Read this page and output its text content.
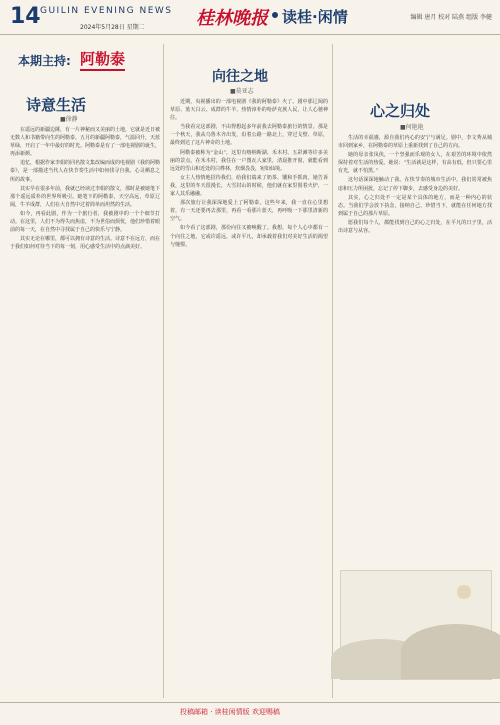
14 GUILIN EVENING NEWS
2024年5月28日 星期二	桂林晚报 读桂·闲情	编辑 唐月 校对 陆燕 组版 李健
本期主持: 阿勒泰
诗意生活
■徐静

在遥远的新疆边陲，有一片神秘而又美丽的土地，它就是近日被无数人和书籍带向生的阿勒泰。五月的新疆阿勒泰，气温回升，天蓝草绿，开启了一年中最好的时光。阿勒泰是有了一部电视剧的诞生，再添新颜。

追忆，根据作家李娟的同名散文集改编而成的电视剧《我的阿勒泰》，是一部描述当代人在快节奏生活中如何找寻自我、心灵栖息之所的故事。

其实早在很多年前，我就已经读过李娟的散文，那时是被她笔下那个遥远质朴的世界所吸引。她笔下的阿勒泰，天空高远，草原辽阔，牛羊成群，人们在大自然中过着简单而坦然的生活。

如今，再看此剧，作为一个旅行者，我被剧中的一个个细节打动。在这里，人们不为得失而焦虑，不为世俗而烦忧，他们珍惜着眼前的每一天，在自然中寻找属于自己的快乐与宁静。

其实无论在哪里，都可以拥有诗意的生活。诗意不在远方，而在于我们如何对待当下的每一刻，用心感受生活中的点滴美好。

向往之地
■莫亚志

近期，央视播出的一部电视剧《我的阿勒泰》火了。剧中那辽阔的草原、蓝天白云、成群的牛羊、热情淳朴的哈萨克族人民，让人心驰神往。

当我看完这部剧，不由得想起多年前我去阿勒泰旅行的情景。那是一个秋天，我从乌鲁木齐出发，沿着公路一路北上，穿过戈壁、草原，最终到达了这片神奇的土地。

阿勒泰被称为“金山”，这里有喀纳斯湖、禾木村、五彩滩等许多美丽的景点。在禾木村，我住在一户图瓦人家里，清晨推开窗，就能看到远处的雪山和近处的白桦林，炊烟袅袅，宛如仙境。

女主人热情地招待我们，给我们端来了奶茶、馕和手抓肉。她告诉我，这里的冬天很漫长，大雪封山的时候，他们就在家里围着火炉，一家人其乐融融。

那次旅行让我深深地爱上了阿勒泰。这些年来，我一直在心里想着，有一天还要再去那里，再看一看那片蓝天，再呼吸一下那里清新的空气。

如今看了这部剧，那份向往又被唤醒了。我想，每个人心中都有一个向往之地，它或许遥远，或许平凡，却承载着我们对美好生活的渴望与憧憬。

心之归处
■何艳艳

生活的幸福感，源自我们内心的安宁与满足。剧中，李文秀从城市回到家乡，在阿勒泰的草原上重新找到了自己的方向。

她的母亲张凤侠，一个坚强而乐观的女人，在艰苦的环境中依然保持着对生活的热爱。她说：“生活就是这样，有高有低，但只要心里有光，就不怕黑。”

这句话深深地触动了我。在快节奏的城市生活中，我们常常被焦虑和压力所困扰，忘记了停下脚步，去感受身边的美好。

其实，心之归处不一定是某个具体的地方，而是一种内心的状态。当我们学会放下执念，接纳自己，珍惜当下，就能在任何地方找到属于自己的那片草原。

愿我们每个人，都能找到自己的心之归处，在平凡的日子里，活出诗意与从容。

投稿邮箱 · 读桂闲情版 欢迎赐稿
